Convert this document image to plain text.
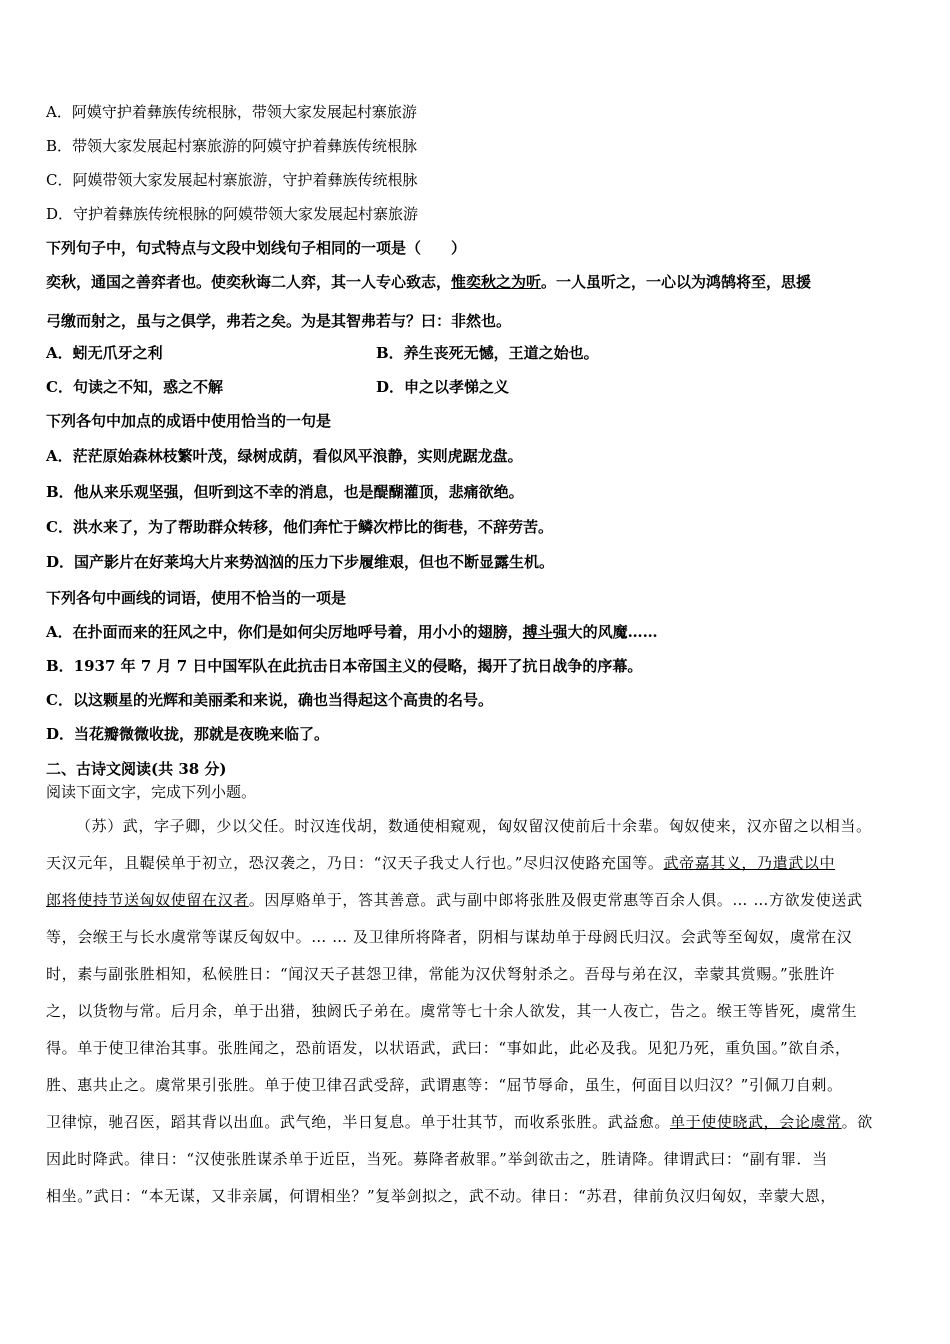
A．阿嫫守护着彝族传统根脉，带领大家发展起村寨旅游
B．带领大家发展起村寨旅游的阿嫫守护着彝族传统根脉
C．阿嫫带领大家发展起村寨旅游，守护着彝族传统根脉
D．守护着彝族传统根脉的阿嫫带领大家发展起村寨旅游
下列句子中，句式特点与文段中划线句子相同的一项是（　　）
奕秋，通国之善弈者也。使奕秋诲二人弈，其一人专心致志，惟奕秋之为听。一人虽听之，一心以为鸿鹄将至，思援
弓缴而射之，虽与之俱学，弗若之矣。为是其智弗若与？曰：非然也。
A．蚓无爪牙之利	B．养生丧死无憾，王道之始也。
C．句读之不知，惑之不解	D．申之以孝悌之义
下列各句中加点的成语中使用恰当的一句是
A．茫茫原始森林枝繁叶茂，绿树成荫，看似风平浪静，实则虎踞龙盘。
B．他从来乐观坚强，但听到这不幸的消息，也是醍醐灌顶，悲痛欲绝。
C．洪水来了，为了帮助群众转移，他们奔忙于鳞次栉比的街巷，不辞劳苦。
D．国产影片在好莱坞大片来势汹汹的压力下步履维艰，但也不断显露生机。
下列各句中画线的词语，使用不恰当的一项是
A．在扑面而来的狂风之中，你们是如何尖厉地呼号着，用小小的翅膀，搏斗强大的风魔……
B．1937 年 7 月 7 日中国军队在此抗击日本帝国主义的侵略，揭开了抗日战争的序幕。
C．以这颗星的光辉和美丽柔和来说，确也当得起这个高贵的名号。
D．当花瓣微微收拢，那就是夜晚来临了。
二、古诗文阅读(共 38 分)
阅读下面文字，完成下列小题。
（苏）武，字子卿，少以父任。时汉连伐胡，数通使相窥观，匈奴留汉使前后十余辈。匈奴使来，汉亦留之以相当。
天汉元年，且鞮侯单于初立，恐汉袭之，乃日：“汉天子我丈人行也。”尽归汉使路充国等。武帝嘉其义，乃遣武以中
郎将使持节送匈奴使留在汉者。因厚赂单于，答其善意。武与副中郎将张胜及假吏常惠等百余人俱。… …方欲发使送武
等，会缑王与长水虞常等谋反匈奴中。… … 及卫律所将降者，阴相与谋劫单于母阏氏归汉。会武等至匈奴，虞常在汉
时，素与副张胜相知，私候胜日：“闻汉天子甚怨卫律，常能为汉伏弩射杀之。吾母与弟在汉，幸蒙其赏赐。”张胜许
之，以货物与常。后月余，单于出猎，独阏氏子弟在。虞常等七十余人欲发，其一人夜亡，告之。缑王等皆死，虞常生
得。单于使卫律治其事。张胜闻之，恐前语发，以状语武，武曰：“事如此，此必及我。见犯乃死，重负国。”欲自杀，
胜、惠共止之。虞常果引张胜。单于使卫律召武受辞，武谓惠等：“屈节辱命，虽生，何面目以归汉？”引佩刀自刺。
卫律惊，驰召医，蹈其背以出血。武气绝，半日复息。单于壮其节，而收系张胜。武益愈。单于使使晓武，会论虞常。欲
因此时降武。律日：“汉使张胜谋杀单于近臣，当死。募降者赦罪。”举剑欲击之，胜请降。律谓武曰：“副有罪．当
相坐。”武日：“本无谋，又非亲属，何谓相坐？”复举剑拟之，武不动。律日：“苏君，律前负汉归匈奴，幸蒙大恩，
